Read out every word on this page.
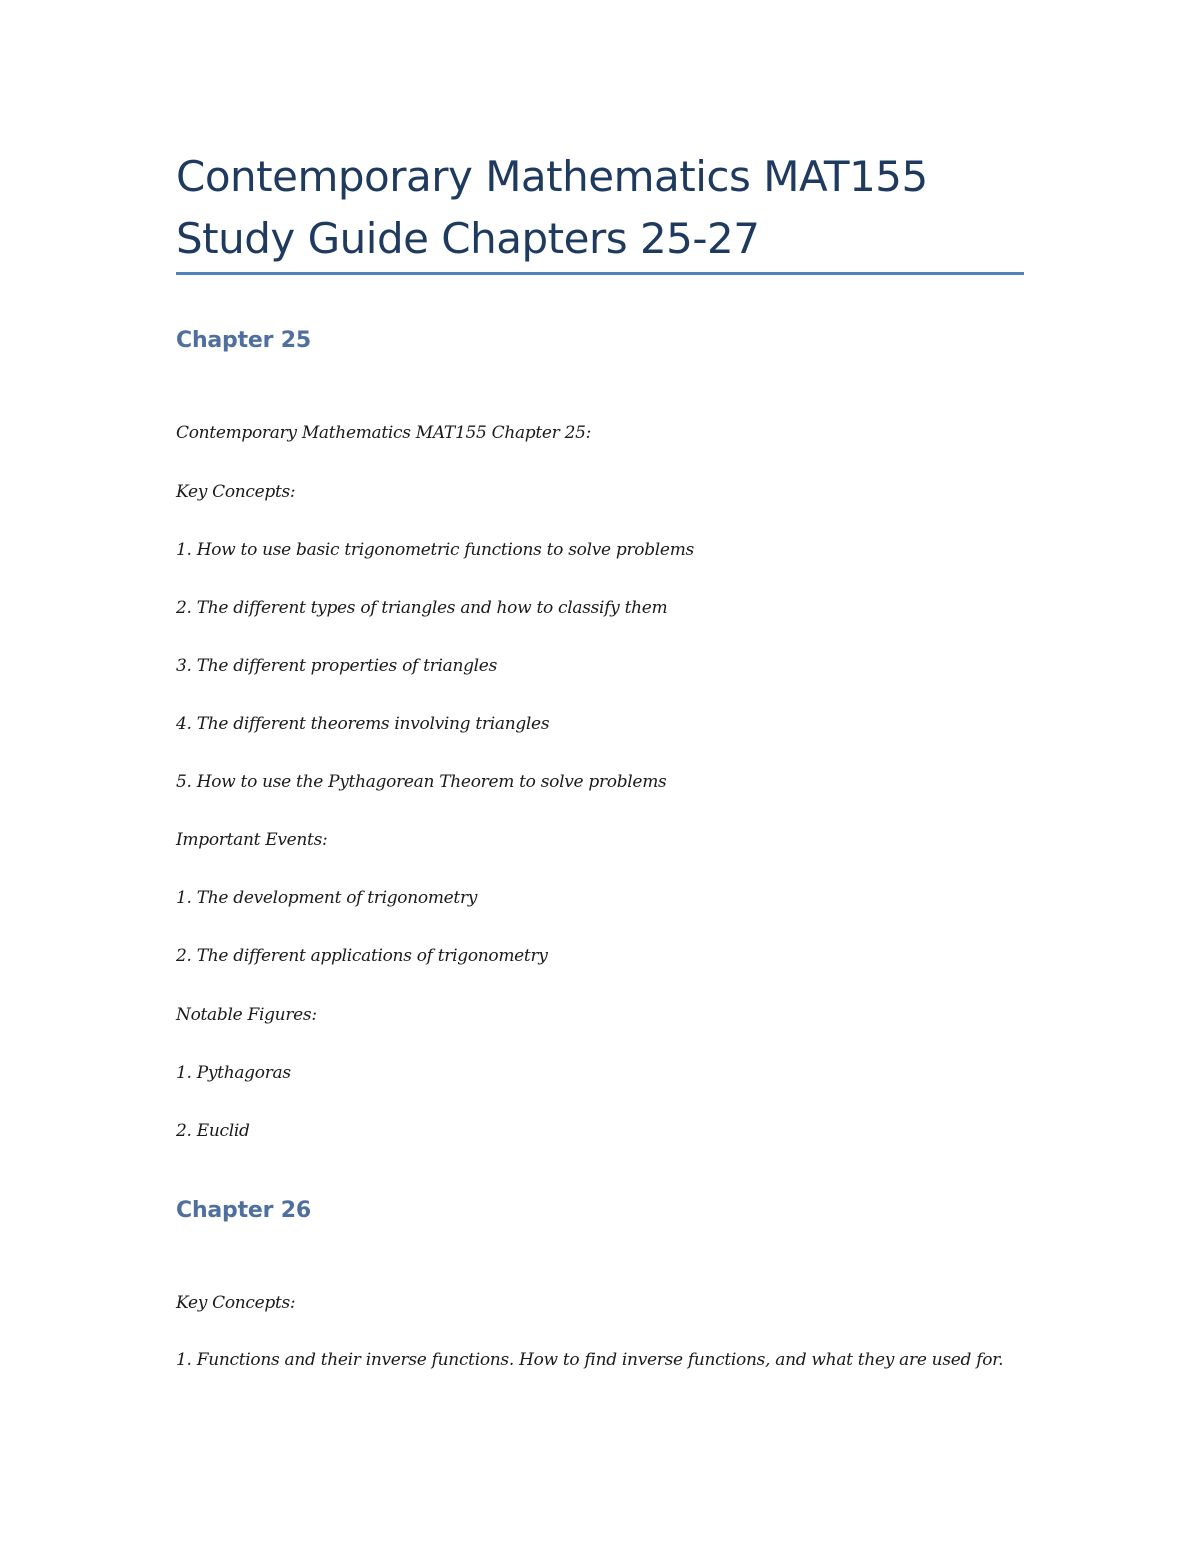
Contemporary Mathematics MAT155
Study Guide Chapters 25-27
Chapter 25

Contemporary Mathematics MAT155 Chapter 25:

Key Concepts:

1. How to use basic trigonometric functions to solve problems

2. The different types of triangles and how to classify them

3. The different properties of triangles

4. The different theorems involving triangles

5. How to use the Pythagorean Theorem to solve problems

Important Events:

1. The development of trigonometry

2. The different applications of trigonometry

Notable Figures:

1. Pythagoras

2. Euclid

Chapter 26

Key Concepts:

1. Functions and their inverse functions. How to find inverse functions, and what they are used for.
